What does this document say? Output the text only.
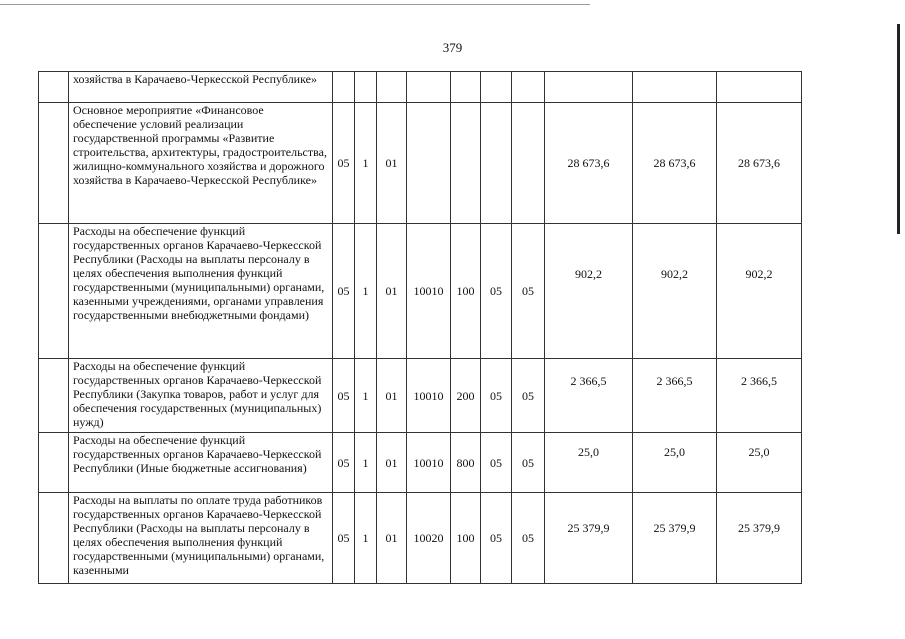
379
	хозяйства в Карачаево-Черкесской Республике»										
	Основное мероприятие «Финансовое обеспечение условий реализации государственной программы «Развитие строительства, архитектуры, градостроительства, жилищно-коммунального хозяйства и дорожного хозяйства в Карачаево-Черкесской Республике»	05	1	01					28 673,6	28 673,6	28 673,6
	Расходы на обеспечение функций государственных органов Карачаево-Черкесской Республики (Расходы на выплаты персоналу в целях обеспечения выполнения функций государственными (муниципальными) органами, казенными учреждениями, органами управления государственными внебюджетными фондами)	05	1	01	10010	100	05	05	902,2	902,2	902,2
	Расходы на обеспечение функций государственных органов Карачаево-Черкесской Республики (Закупка товаров, работ и услуг для обеспечения государственных (муниципальных) нужд)	05	1	01	10010	200	05	05	2 366,5	2 366,5	2 366,5
	Расходы на обеспечение функций государственных органов Карачаево-Черкесской Республики (Иные бюджетные ассигнования)	05	1	01	10010	800	05	05	25,0	25,0	25,0
	Расходы на выплаты по оплате труда работников государственных органов Карачаево-Черкесской Республики (Расходы на выплаты персоналу в целях обеспечения выполнения функций государственными (муниципальными) органами, казенными	05	1	01	10020	100	05	05	25 379,9	25 379,9	25 379,9
